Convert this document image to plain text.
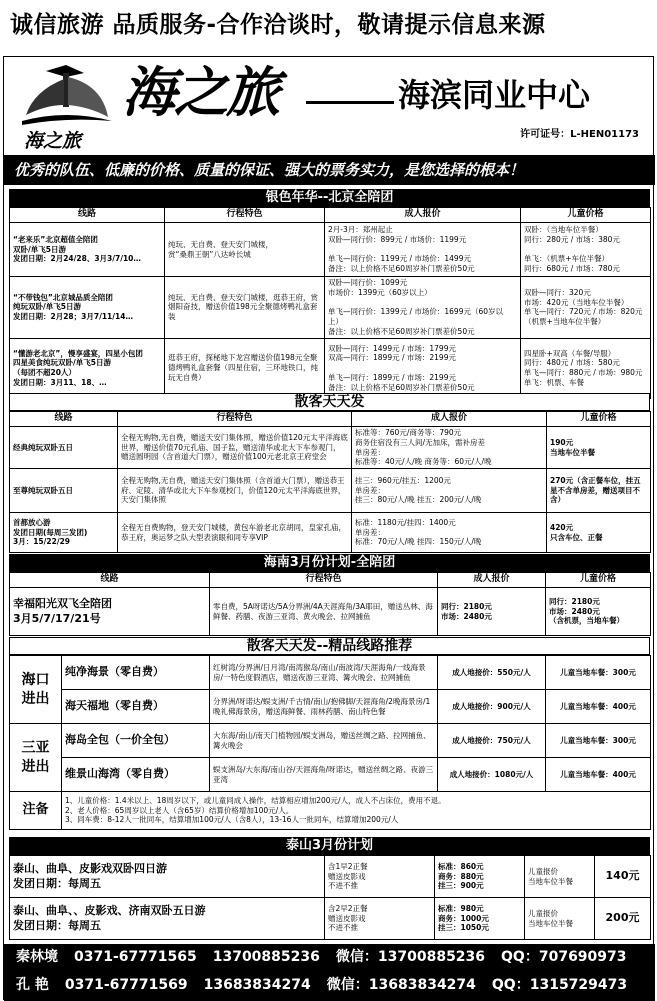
诚信旅游 品质服务-合作洽谈时，敬请提示信息来源
海之旅
海之旅	海滨同业中心
许可证号：L-HEN01173
优秀的队伍、低廉的价格、质量的保证、强大的票务实力，是您选择的根本！
银色年华--北京全陪团
线路	行程特色	成人报价	儿童价格
“老来乐”北京超值全陪团
双卧/单飞5日游
发团日期：2月24/28、3月3/7/10…	纯玩、无自费、登天安门城楼，
赏“桑鼎王朝”八达岭长城	2月-3月：郑州起止
双卧—同行价：899元 / 市场价：1199元

单飞—同行价：1199元 / 市场价：1499元
备注：以上价格不足60周岁补门票差价50元	双卧：（当地车位半餐）
同行：280元 / 市场：380元

单飞：（机票+车位半餐）
同行：680元 / 市场：780元
“不带钱包”北京城品质全陪团
纯玩双卧/单飞5日游
发团日期：2月28；3月7/11/14…	纯玩、无自费、登天安门城楼，逛恭王府，赏烟阳奋技，赠送价值198元全聚德烤鸭礼盒套装	双卧—同行价：1099元
市场价：1399元（60岁以上）

单飞—同行价：1399元 / 市场价：1699元（60岁以上）
备注：以上价格不足60周岁补门票差价50元	双卧—同行：320元
市场：420元（当地车位半餐）
单飞—同行：720元 / 市场：820元
（机票+当地车位半餐）
“懂游老北京”，慢享盛宴，四星小包团
四星美食纯玩双卧/单飞5日游
（每团不超20人）
发团日期：3月11、18、…	逛恭王府，探秘地下龙宫赠送价值198元全聚德烤鸭礼盒套餐（四星住宿，三环地铁口，纯玩无自费）	双卧—同行：1499元 / 市场：1799元
双高—同行：1899元 / 市场：2199元

单飞—同行：1899元 / 市场：2199元
备注：以上价格不足60周岁补门票差价50元	四星卧+双高（车餐/导服）
同行：480元 / 市场：580元
单飞—同行：880元 / 市场：980元
单飞：机票、车餐
散客天天发
线路	行程特色	成人报价	儿童价格
经典纯玩双卧五日	全程无购物,无自费，赠送天安门集体照，赠送价值120元太平洋海底世界，赠送价值70元孔庙、国子监，赠送清华或北大下车参观门，赠送圆明园（含首道大门票），赠送价值100元老北京王府堂会	标准等：760元/商务等：790元
商务住宿没有三人间/无加床，需补房差
单房差：
标准等：40元/人/晚 商务等：60元/人/晚	190元
当地车位半餐
至尊纯玩双卧五日	全程无购物,无自费，赠送天安门集体照（含首道大门票），赠送恭王府、定陵、清华或北大下车参观校门，价值120元太平洋海底世界，天安门集体照	挂三：960元/挂五：1200元
单房差：
挂三：80元/人/晚 挂五：200元/人/晚	270元（含正餐车位，挂五星不含单房差，赠送项目不含）
首都放心游
发团日期(每周三发团)
3月：15/22/29	全程无自费购物，登天安门城楼，黄包车游老北京胡同，皇家孔庙，恭王府，奥运梦之队大型表演眼和同专享VIP	标准：1180元/挂四：1400元
单房差：
标准：70元/人/晚 挂四：150元/人/晚	420元
只含车位、正餐
海南3月份计划-全陪团
线路	行程特色	成人报价	儿童价格
幸福阳光双飞全陪团
3月5/7/17/21号	零自费，5A呀诺达/5A分界洲/4A天涯海角/3A耶田，赠送丛林、海鲜餐、药膳、夜游三亚湾、黄火晚会、拉网捕鱼	同行：2180元
市场：2480元	同行：2180元
市场：2480元
（含机票，当地车餐）
散客天天发--精品线路推荐
海口
进出	纯净海景（零自费）	红树湾/分界洲/日月湾/南湾猴岛/南山/南波湾/天涯海角/一线海景房/一特色度假酒店，赠送夜游三亚湾、篝火晚会、拉网捕鱼	成人地接价：550元/人	儿童当地车餐：300元
	海天福地（零自费）	分界洲/呀诺达/蜈支洲/千古情/南山/抱佛脚/天涯海角/2晚海景房/1晚礼佛海景房，赠送海鲜餐、雨林药膳、南山特色餐	成人地接价：900元/人	儿童当地车餐：400元
三亚
进出	海岛全包（一价全包）	大东海/南山/南天门植物园/蜈支洲岛，赠送丝绸之路、拉网捕鱼、篝火晚会	成人地接价：750元/人	儿童当地车餐：300元
	维景山海湾（零自费）	蜈支洲岛/大东海/南山谷/天涯海角/呀诺达，赠送丝绸之路、夜游三亚湾	成人地接价：1080元/人	儿童当地车餐：400元
注备	1、儿童价格：1.4米以上、18周岁以下，或儿童同成人操作，结算相应增加200元/人，成人不占床位，费用不退。
2、老人价格：65周岁以上老人（含65岁）结算价格增加100元/人。
3、同车费：8-12人一批同车，结算增加100元/人（含8人），13-16人一批同车，结算增加200元/人			
泰山3月份计划
泰山、曲阜、皮影戏双卧四日游
发团日期：每周五	含1早2正餐
赠送皮影戏
不进不推	标准：860元
商务：880元
挂三：900元	儿童报价
当地车位半餐	140元
泰山、曲阜、、皮影戏、济南双卧五日游
发团日期：每周五	含2早2正餐
赠送皮影戏
不进不推	标准：980元
商务：1000元
挂三：1050元	儿童报价
当地车位半餐	200元
秦林境 0371-67771565 13700885236 微信：13700885236 QQ：707690973
孔 艳 0371-67771569 13683834274 微信：13683834274 QQ：1315729473
